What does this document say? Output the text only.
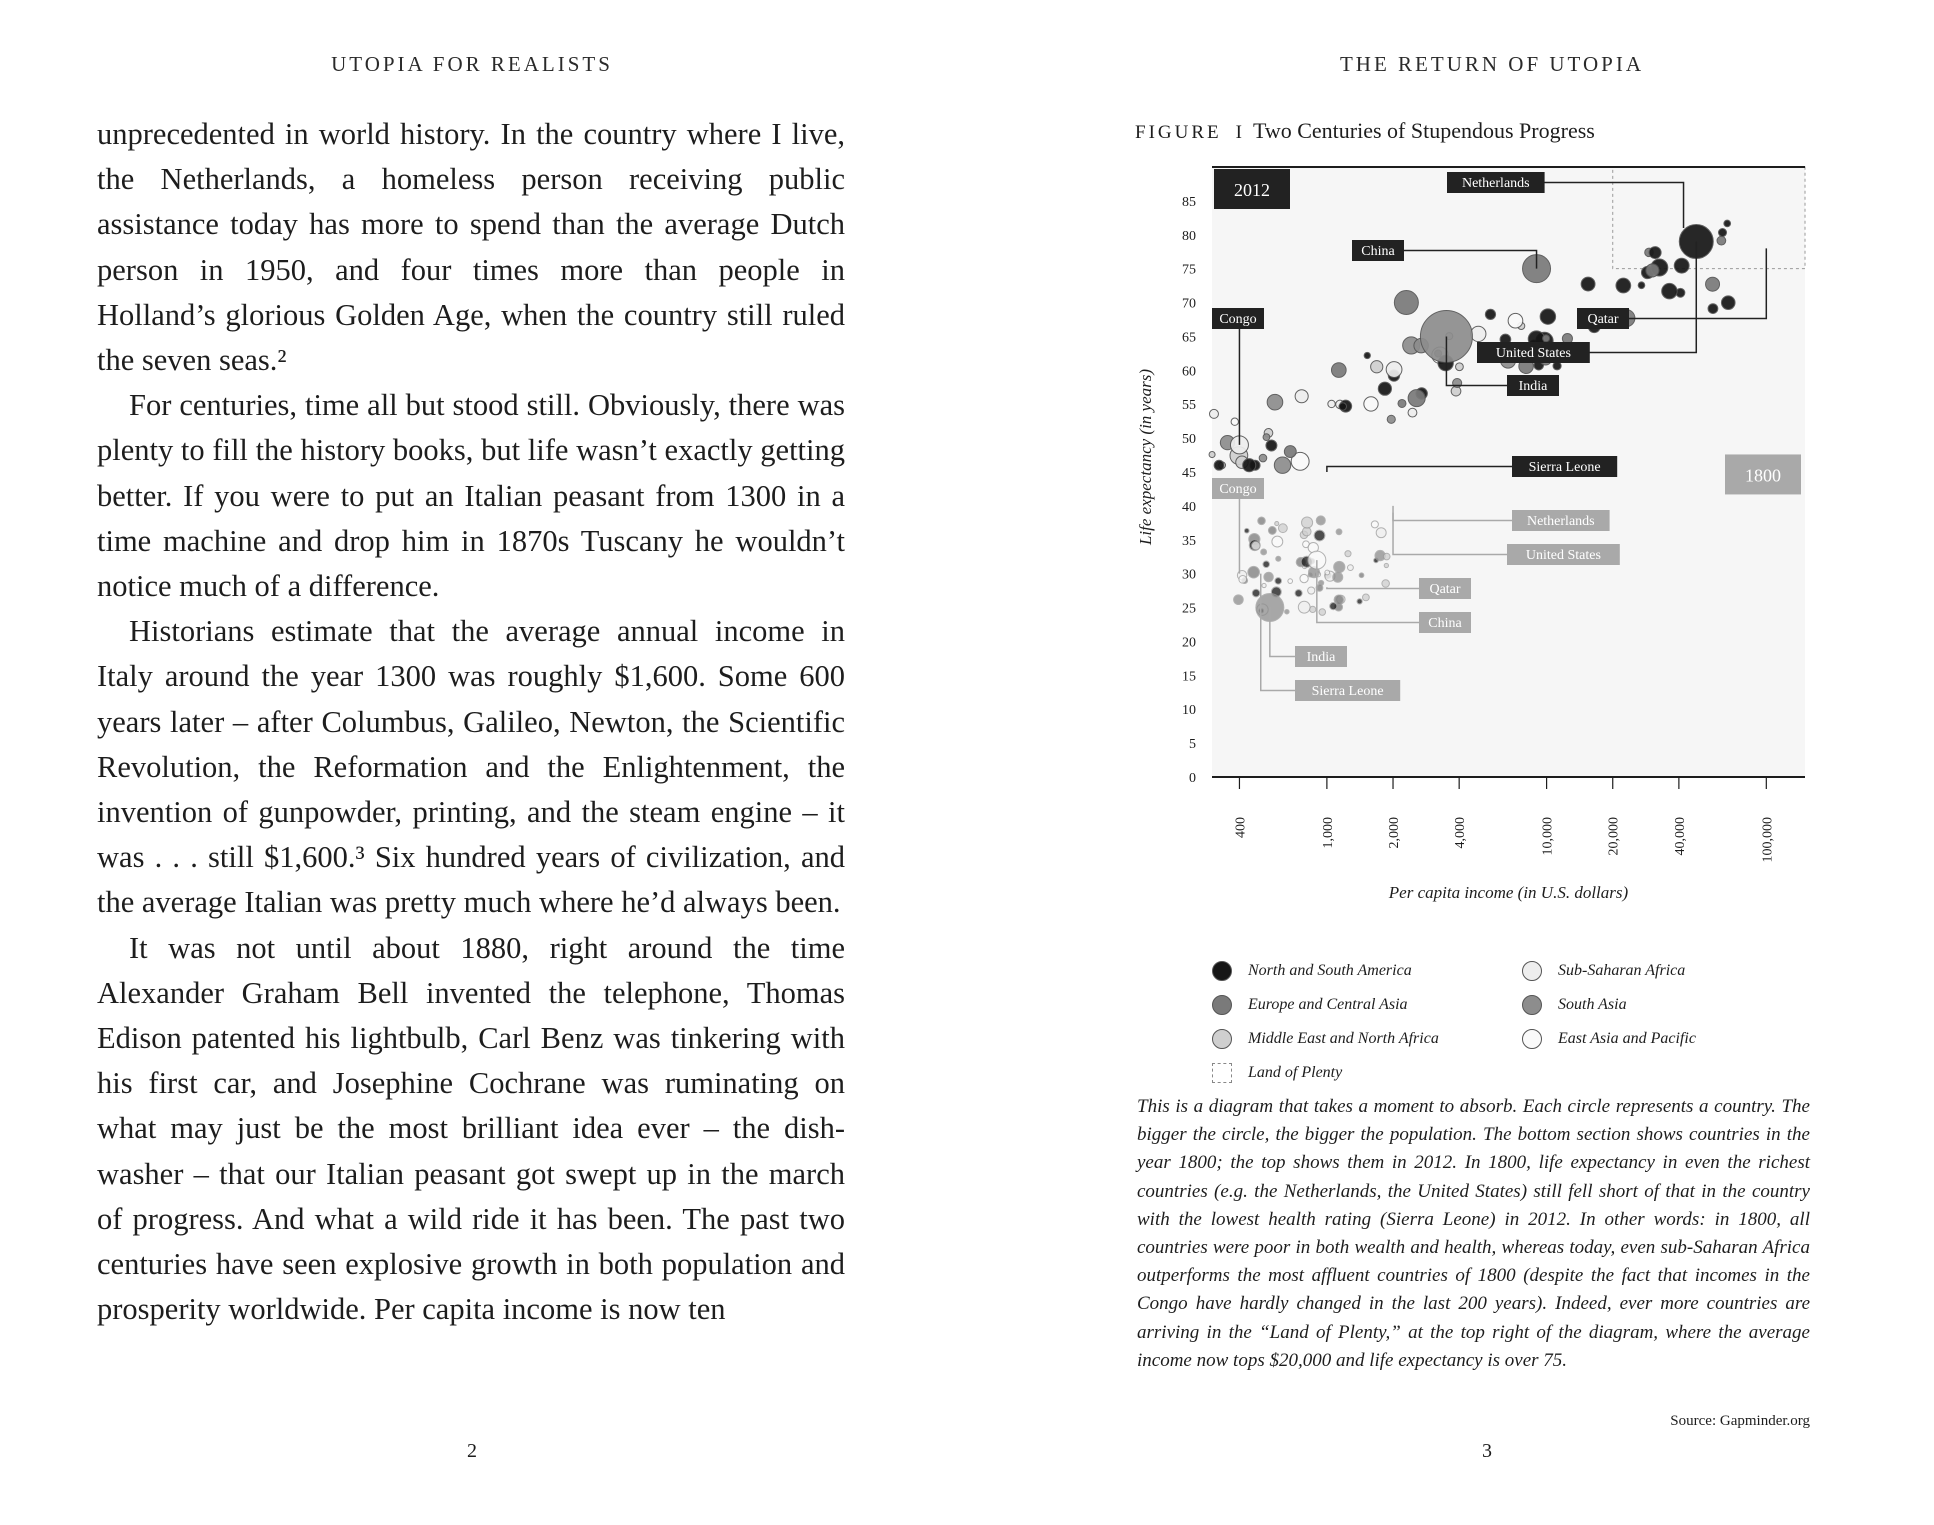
UTOPIA FOR REALISTS

unprecedented in world history. In the country where I live, the Netherlands, a homeless person receiving public assistance today has more to spend than the average Dutch person in 1950, and four times more than people in Holland’s glorious Golden Age, when the country still ruled the seven seas.²

For centuries, time all but stood still. Obviously, there was plenty to fill the history books, but life wasn’t exactly getting better. If you were to put an Italian peasant from 1300 in a time machine and drop him in 1870s Tuscany he wouldn’t notice much of a difference.

Historians estimate that the average annual income in Italy around the year 1300 was roughly $1,600. Some 600 years later – after Columbus, Galileo, Newton, the Scientific Revolution, the Reformation and the Enlightenment, the invention of gunpowder, printing, and the steam engine – it was . . . still $1,600.³ Six hundred years of civilization, and the average Italian was pretty much where he’d always been.

It was not until about 1880, right around the time Alexander Graham Bell invented the telephone, Thomas Edison patented his lightbulb, Carl Benz was tinkering with his first car, and Josephine Cochrane was ruminating on what may just be the most brilliant idea ever – the dish-washer – that our Italian peasant got swept up in the march of progress. And what a wild ride it has been. The past two centuries have seen explosive growth in both population and prosperity worldwide. Per capita income is now ten

2
THE RETURN OF UTOPIA
FIGURE I Two Centuries of Stupendous Progress
0
5
10
15
20
25
30
35
40
45
50
55
60
65
70
75
80
85
400	1,000	2,000	4,000	10,000	20,000	40,000	100,000
Per capita income (in U.S. dollars)
Life expectancy (in years)
2012
1800
Netherlands
China
Congo
India
United States
Qatar
Sierra Leone
Congo
Netherlands
United States
Qatar
China
India
Sierra Leone
North and South America	Sub-Saharan Africa
Europe and Central Asia	South Asia
Middle East and North Africa	East Asia and Pacific
Land of Plenty

This is a diagram that takes a moment to absorb. Each circle represents a country. The bigger the circle, the bigger the population. The bottom section shows countries in the year 1800; the top shows them in 2012. In 1800, life expectancy in even the richest countries (e.g. the Netherlands, the United States) still fell short of that in the country with the lowest health rating (Sierra Leone) in 2012. In other words: in 1800, all countries were poor in both wealth and health, whereas today, even sub-Saharan Africa outperforms the most affluent countries of 1800 (despite the fact that incomes in the Congo have hardly changed in the last 200 years). Indeed, ever more countries are arriving in the “Land of Plenty,” at the top right of the diagram, where the average income now tops $20,000 and life expectancy is over 75.

Source: Gapminder.org
3
